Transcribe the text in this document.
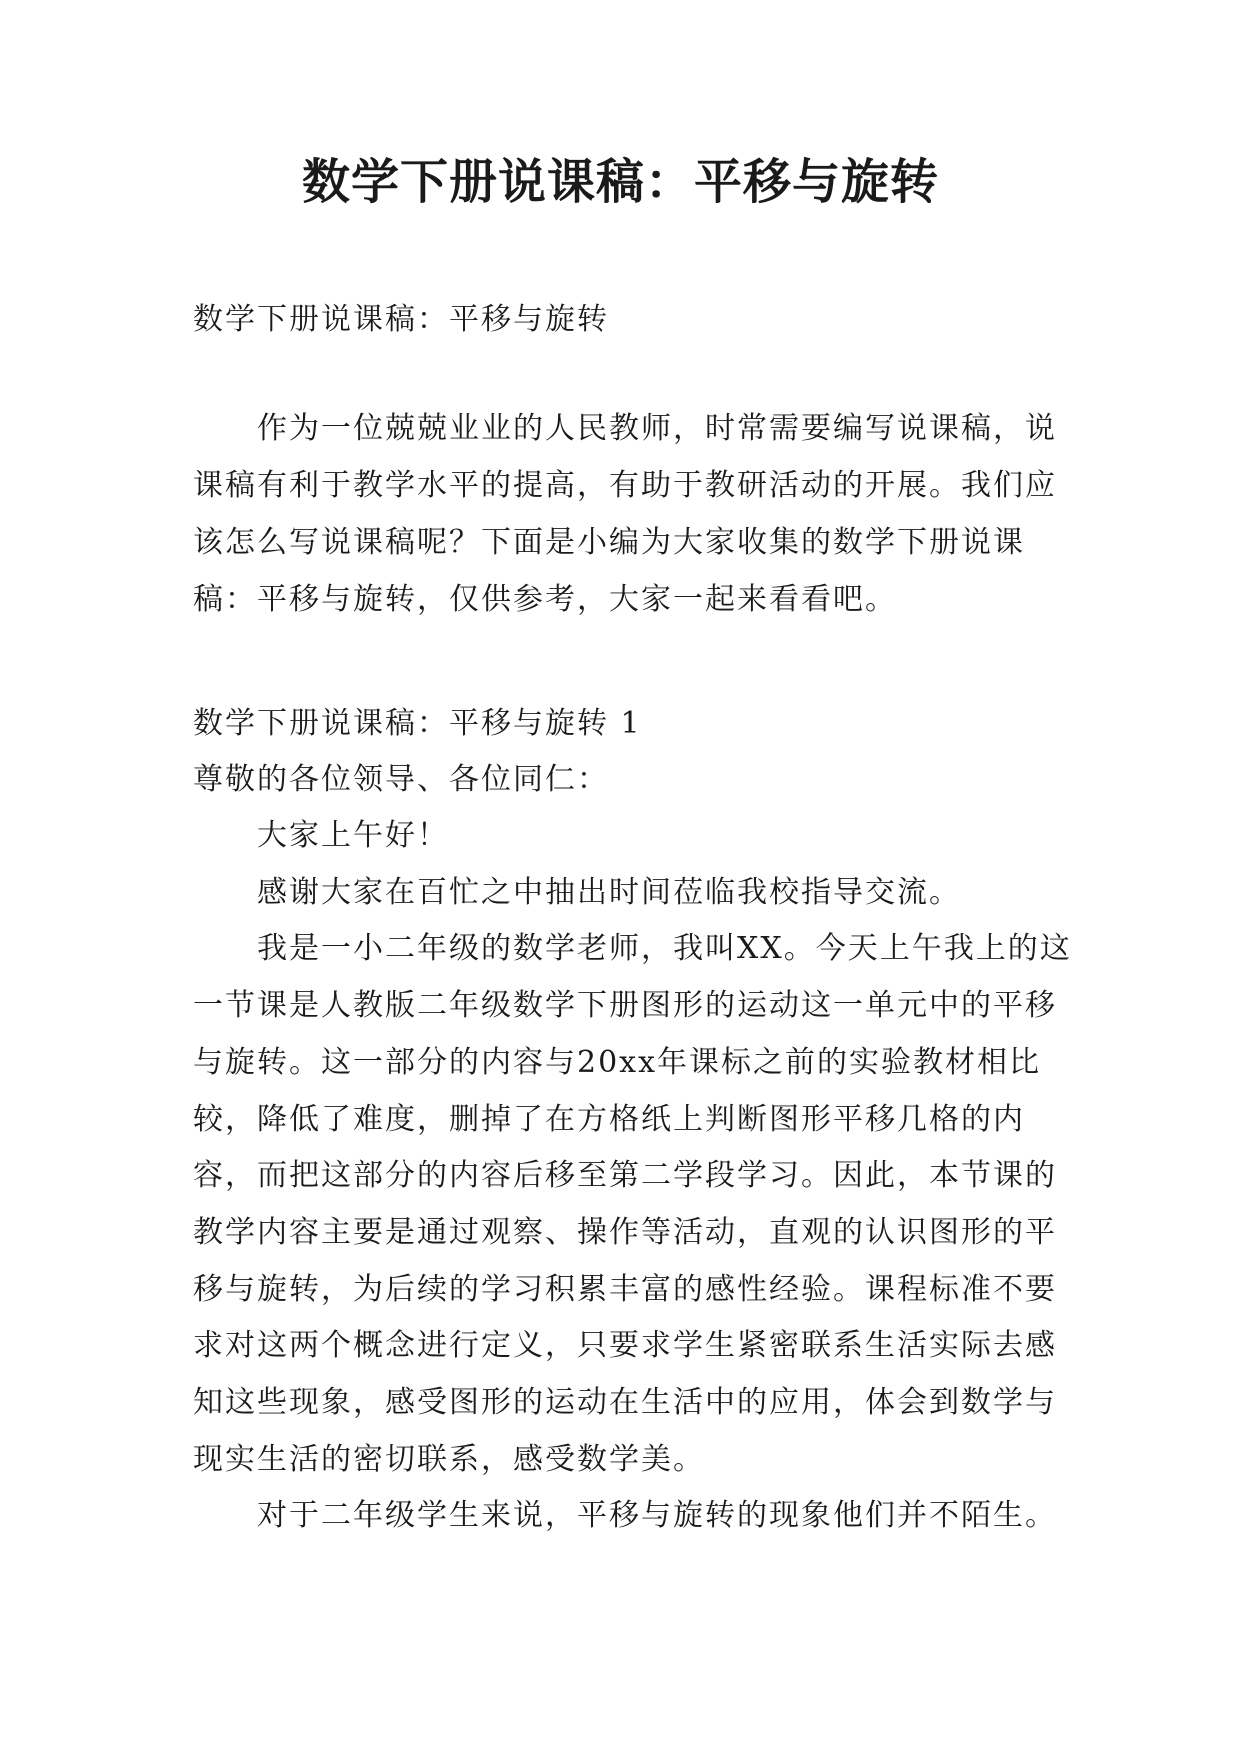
数学下册说课稿：平移与旋转
数学下册说课稿：平移与旋转
作为一位兢兢业业的人民教师，时常需要编写说课稿，说课稿有利于教学水平的提高，有助于教研活动的开展。我们应该怎么写说课稿呢？下面是小编为大家收集的数学下册说课稿：平移与旋转，仅供参考，大家一起来看看吧。
数学下册说课稿：平移与旋转 1
尊敬的各位领导、各位同仁：

大家上午好！

感谢大家在百忙之中抽出时间莅临我校指导交流。

我是一小二年级的数学老师，我叫XX。今天上午我上的这一节课是人教版二年级数学下册图形的运动这一单元中的平移与旋转。这一部分的内容与20xx年课标之前的实验教材相比较，降低了难度，删掉了在方格纸上判断图形平移几格的内容，而把这部分的内容后移至第二学段学习。因此，本节课的教学内容主要是通过观察、操作等活动，直观的认识图形的平移与旋转，为后续的学习积累丰富的感性经验。课程标准不要求对这两个概念进行定义，只要求学生紧密联系生活实际去感知这些现象，感受图形的运动在生活中的应用，体会到数学与现实生活的密切联系，感受数学美。

对于二年级学生来说，平移与旋转的现象他们并不陌生。
